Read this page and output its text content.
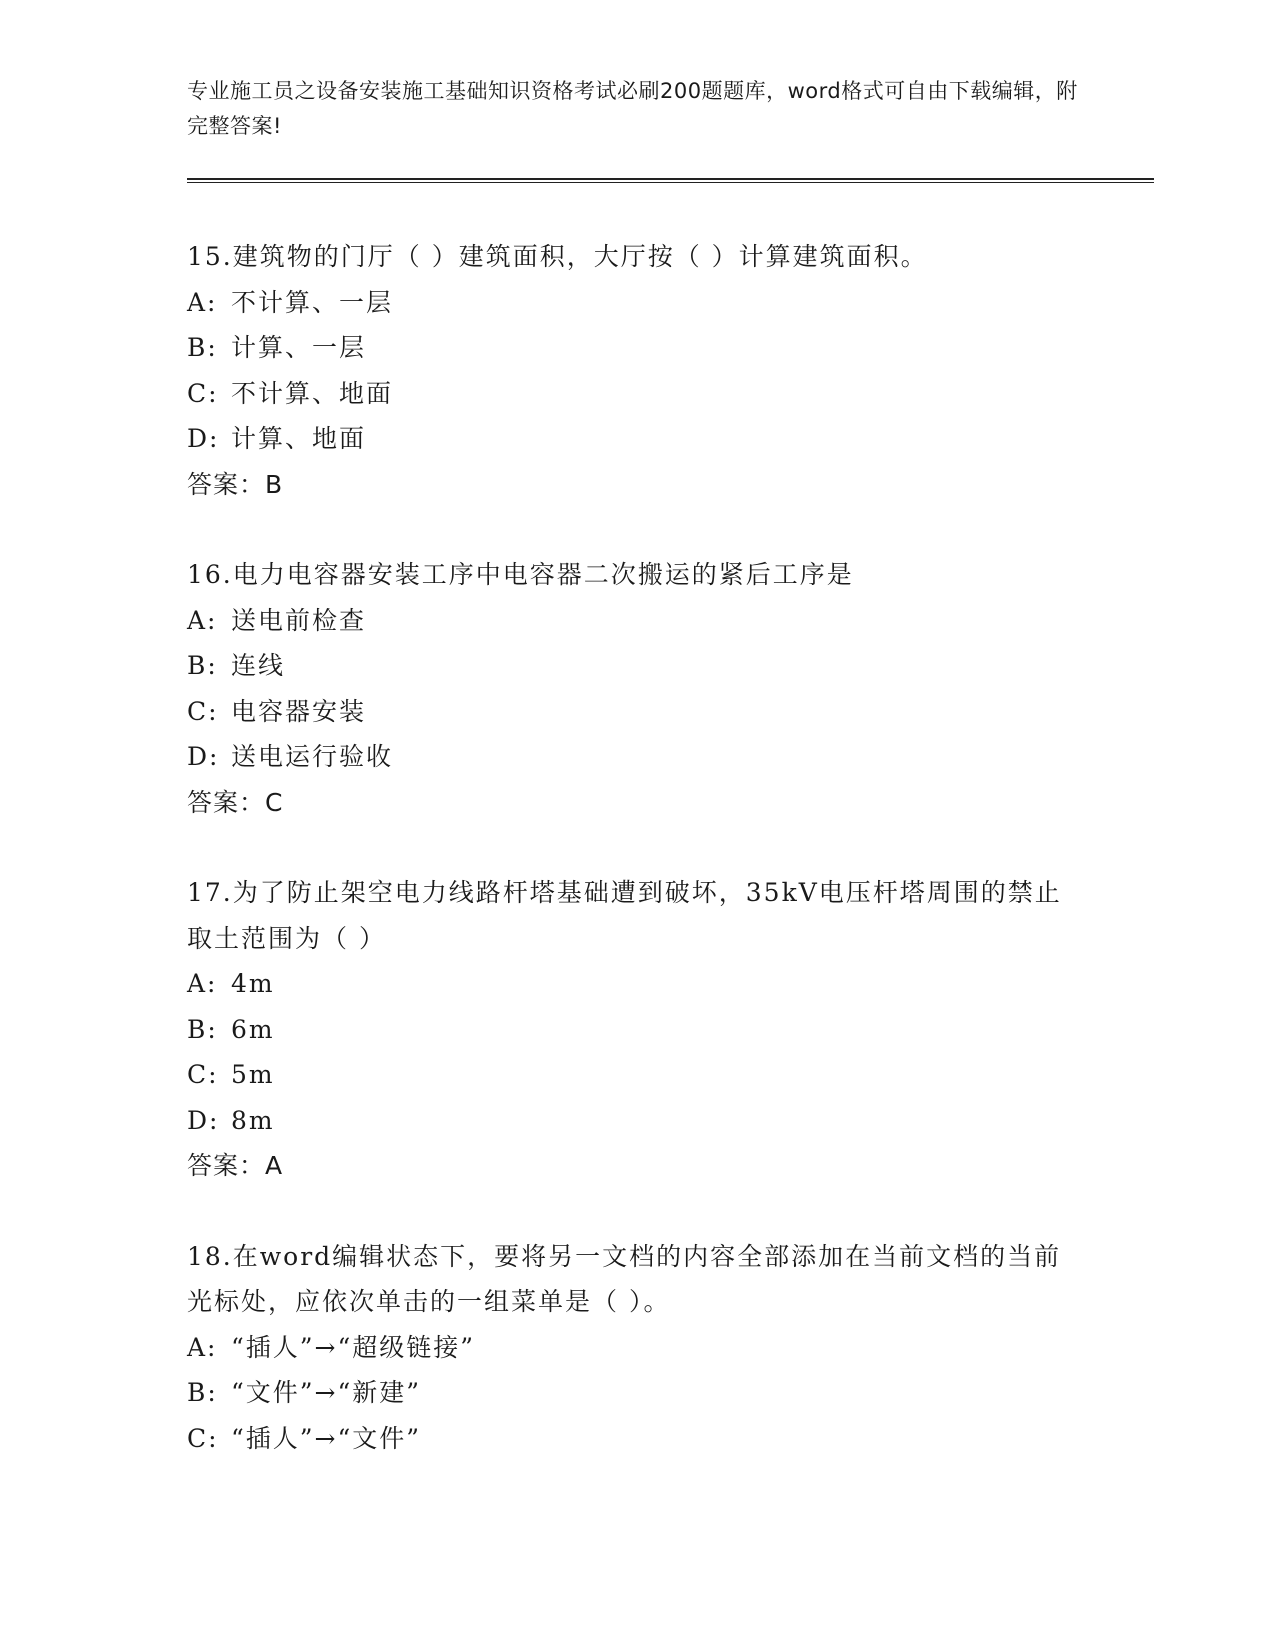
专业施工员之设备安装施工基础知识资格考试必刷200题题库，word格式可自由下载编辑，附完整答案!
15.建筑物的门厅（ ）建筑面积，大厅按（ ）计算建筑面积。
A: 不计算、一层
B: 计算、一层
C: 不计算、地面
D: 计算、地面
答案：B
16.电力电容器安装工序中电容器二次搬运的紧后工序是
A: 送电前检查
B: 连线
C: 电容器安装
D: 送电运行验收
答案：C
17.为了防止架空电力线路杆塔基础遭到破坏，35kV电压杆塔周围的禁止取土范围为（ ）
A: 4m
B: 6m
C: 5m
D: 8m
答案：A
18.在word编辑状态下，要将另一文档的内容全部添加在当前文档的当前光标处，应依次单击的一组菜单是（ ）。
A: “插人”→“超级链接”
B: “文件”→“新建”
C: “插人”→“文件”
